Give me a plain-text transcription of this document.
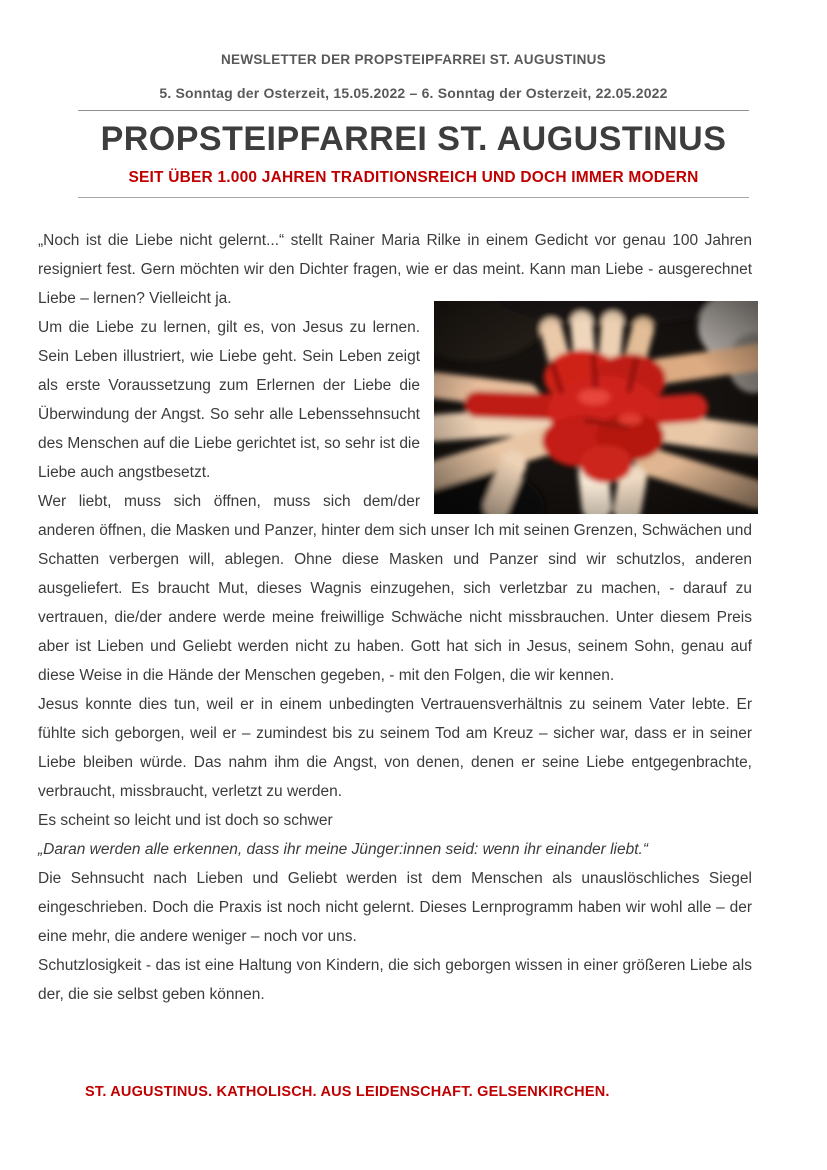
NEWSLETTER DER PROPSTEIPFARREI ST. AUGUSTINUS
5. Sonntag der Osterzeit, 15.05.2022 – 6. Sonntag der Osterzeit, 22.05.2022
PROPSTEIPFARREI ST. AUGUSTINUS
SEIT ÜBER 1.000 JAHREN TRADITIONSREICH UND DOCH IMMER MODERN

„Noch ist die Liebe nicht gelernt...“ stellt Rainer Maria Rilke in einem Gedicht vor genau 100 Jahren resigniert fest. Gern möchten wir den Dichter fragen, wie er das meint. Kann man Liebe - ausgerechnet Liebe – lernen? Vielleicht ja.

Um die Liebe zu lernen, gilt es, von Jesus zu lernen. Sein Leben illustriert, wie Liebe geht. Sein Leben zeigt als erste Voraussetzung zum Erlernen der Liebe die Überwindung der Angst. So sehr alle Lebenssehnsucht des Menschen auf die Liebe gerichtet ist, so sehr ist die Liebe auch angstbesetzt.

Wer liebt, muss sich öffnen, muss sich dem/der anderen öffnen, die Masken und Panzer, hinter dem sich unser Ich mit seinen Grenzen, Schwächen und Schatten verbergen will, ablegen. Ohne diese Masken und Panzer sind wir schutzlos, anderen ausgeliefert. Es braucht Mut, dieses Wagnis einzugehen, sich verletzbar zu machen, - darauf zu vertrauen, die/der andere werde meine freiwillige Schwäche nicht missbrauchen. Unter diesem Preis aber ist Lieben und Geliebt werden nicht zu haben. Gott hat sich in Jesus, seinem Sohn, genau auf diese Weise in die Hände der Menschen gegeben, - mit den Folgen, die wir kennen.

Jesus konnte dies tun, weil er in einem unbedingten Vertrauensverhältnis zu seinem Vater lebte. Er fühlte sich geborgen, weil er – zumindest bis zu seinem Tod am Kreuz – sicher war, dass er in seiner Liebe bleiben würde. Das nahm ihm die Angst, von denen, denen er seine Liebe entgegenbrachte, verbraucht, missbraucht, verletzt zu werden.

Es scheint so leicht und ist doch so schwer

„Daran werden alle erkennen, dass ihr meine Jünger:innen seid: wenn ihr einander liebt.“

Die Sehnsucht nach Lieben und Geliebt werden ist dem Menschen als unauslöschliches Siegel eingeschrieben. Doch die Praxis ist noch nicht gelernt. Dieses Lernprogramm haben wir wohl alle – der eine mehr, die andere weniger – noch vor uns.

Schutzlosigkeit - das ist eine Haltung von Kindern, die sich geborgen wissen in einer größeren Liebe als der, die sie selbst geben können.

ST. AUGUSTINUS. KATHOLISCH. AUS LEIDENSCHAFT. GELSENKIRCHEN.
